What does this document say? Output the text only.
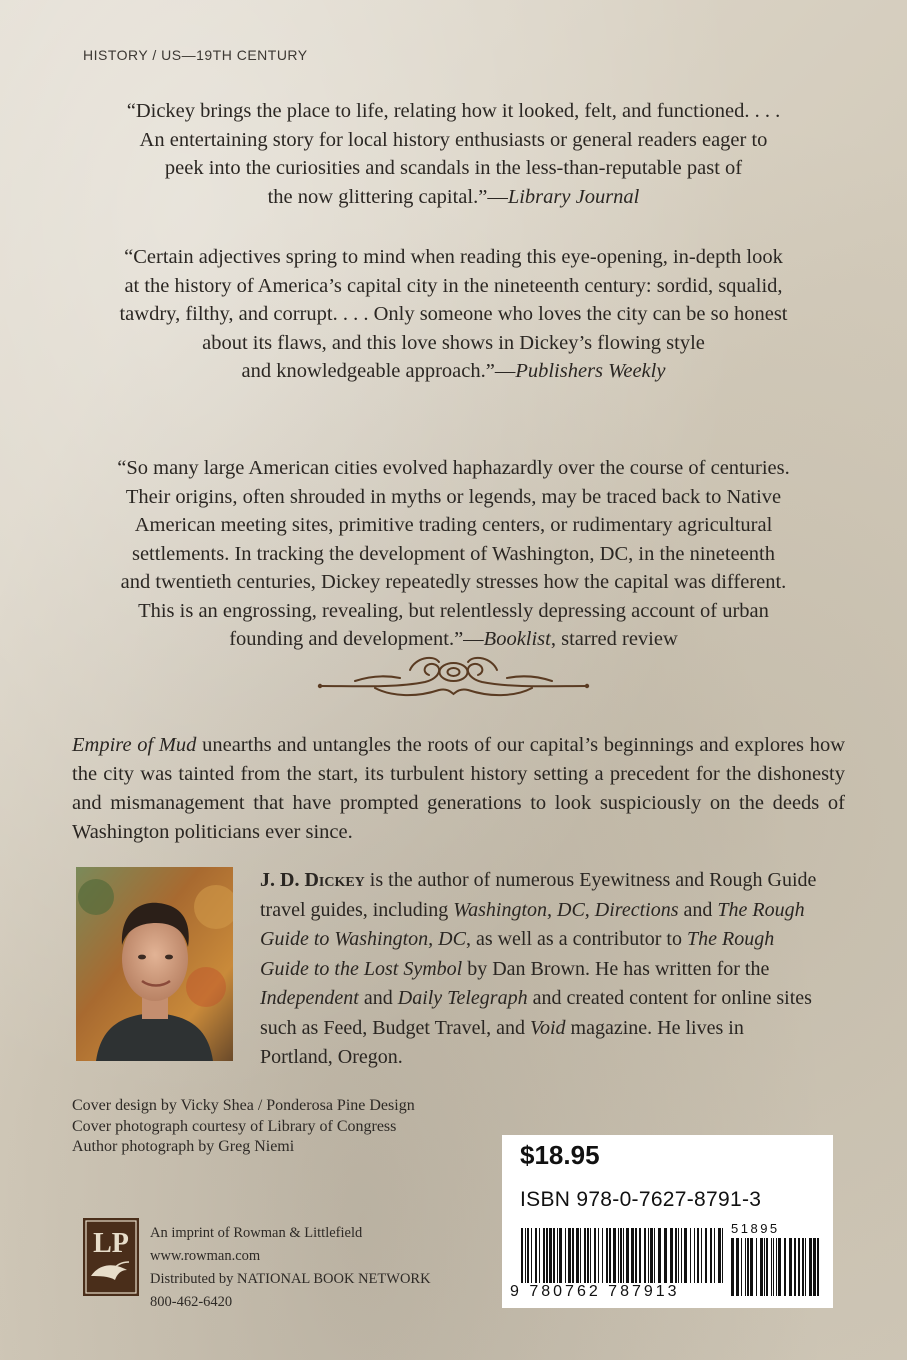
HISTORY / US—19TH CENTURY
“Dickey brings the place to life, relating how it looked, felt, and functioned. . . .
An entertaining story for local history enthusiasts or general readers eager to
peek into the curiosities and scandals in the less-than-reputable past of
the now glittering capital.”—Library Journal
“Certain adjectives spring to mind when reading this eye-opening, in-depth look
at the history of America’s capital city in the nineteenth century: sordid, squalid,
tawdry, filthy, and corrupt. . . . Only someone who loves the city can be so honest
about its flaws, and this love shows in Dickey’s flowing style
and knowledgeable approach.”—Publishers Weekly
“So many large American cities evolved haphazardly over the course of centuries.
Their origins, often shrouded in myths or legends, may be traced back to Native
American meeting sites, primitive trading centers, or rudimentary agricultural
settlements. In tracking the development of Washington, DC, in the nineteenth
and twentieth centuries, Dickey repeatedly stresses how the capital was different.
This is an engrossing, revealing, but relentlessly depressing account of urban
founding and development.”—Booklist, starred review
Empire of Mud unearths and untangles the roots of our capital’s beginnings and explores how the city was tainted from the start, its turbulent history setting a precedent for the dishonesty and mismanagement that have prompted generations to look suspiciously on the deeds of Washington politicians ever since.
J. D. Dickey is the author of numerous Eyewitness and Rough Guide travel guides, including Washington, DC, Directions and The Rough Guide to Washington, DC, as well as a contributor to The Rough Guide to the Lost Symbol by Dan Brown. He has written for the Independent and Daily Telegraph and created content for online sites such as Feed, Budget Travel, and Void magazine. He lives in Portland, Oregon.
Cover design by Vicky Shea / Ponderosa Pine Design
Cover photograph courtesy of Library of Congress
Author photograph by Greg Niemi
LP An imprint of Rowman & Littlefield
www.rowman.com
Distributed by NATIONAL BOOK NETWORK
800-462-6420
$18.95
ISBN 978-0-7627-8791-3
51895
9 780762 787913
